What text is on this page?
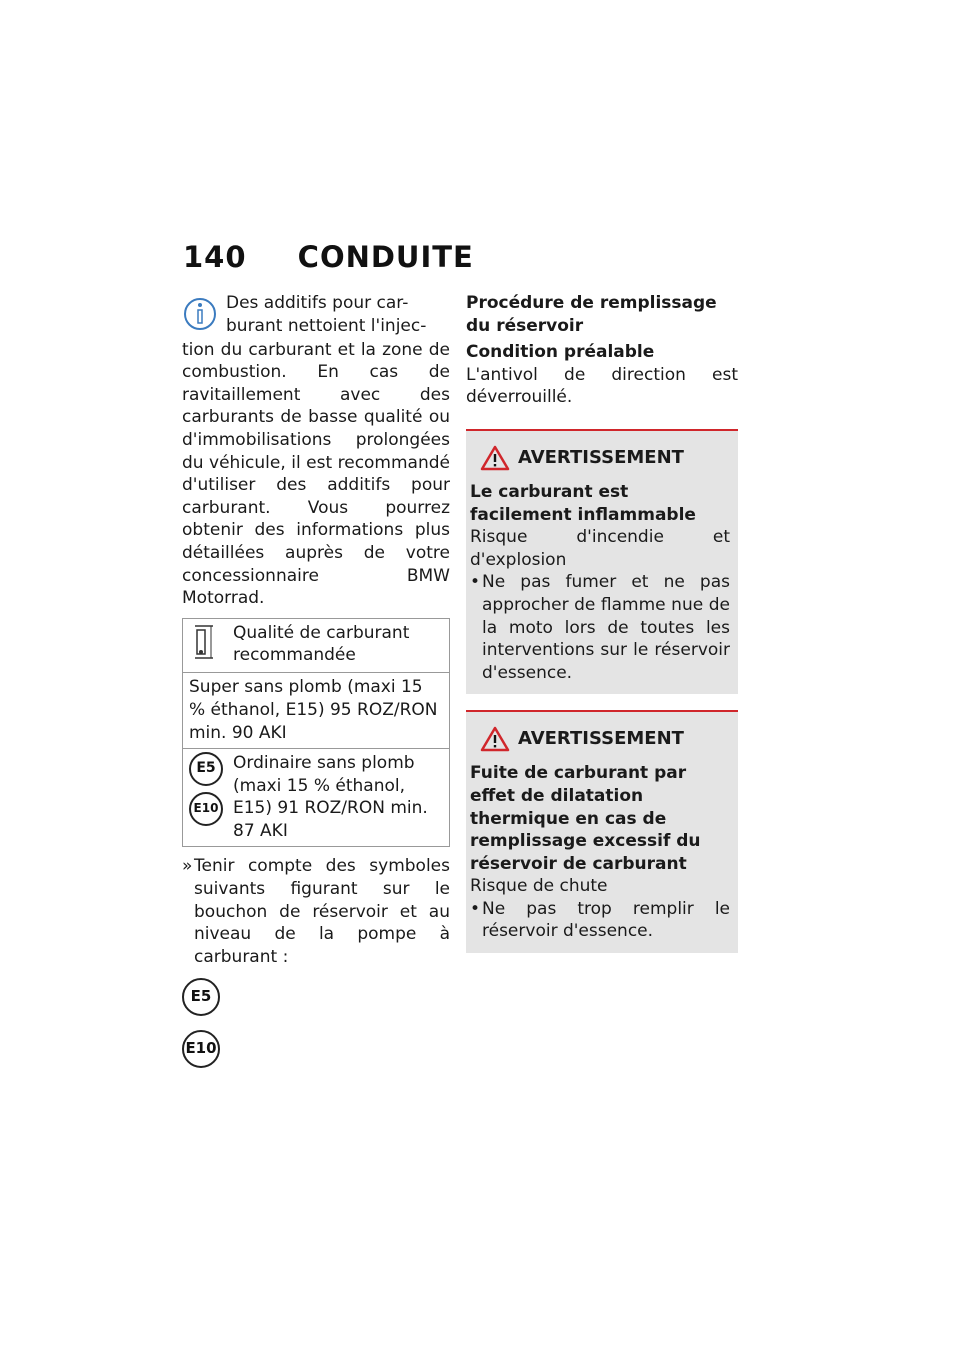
140 CONDUITE
Des additifs pour car-
burant nettoient l'injec-

tion du carburant et la zone de combustion. En cas de ravitaillement avec des carburants de basse qualité ou d'immobilisations prolongées du véhicule, il est recommandé d'utiliser des additifs pour carburant. Vous pourrez obtenir des informations plus détaillées auprès de votre concessionnaire BMW Motorrad.

Qualité de carburant recommandée

Super sans plomb (maxi 15 % éthanol, E15) 95 ROZ/RON min. 90 AKI

E5
E10
Ordinaire sans plomb (maxi 15 % éthanol, E15) 91 ROZ/RON min. 87 AKI
» Tenir compte des symboles suivants figurant sur le bouchon de réservoir et au niveau de la pompe à carburant :
E5
E10

Procédure de remplissage du réservoir

Condition préalable

L'antivol de direction est déverrouillé.

AVERTISSEMENT

Le carburant est facilement inflammable

Risque d'incendie et d'explosion

• Ne pas fumer et ne pas approcher de flamme nue de la moto lors de toutes les interventions sur le réservoir d'essence.
AVERTISSEMENT

Fuite de carburant par effet de dilatation thermique en cas de remplissage excessif du réservoir de carburant

Risque de chute

• Ne pas trop remplir le réservoir d'essence.
